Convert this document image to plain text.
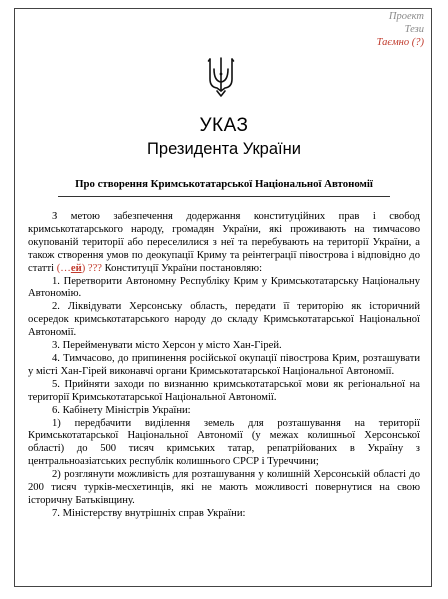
Проект
Тези
Таємно (?)
УКАЗ
Президента України
Про створення Кримськотатарської Національної Автономії

З метою забезпечення додержання конституційних прав і свобод кримськотатарського народу, громадян України, які проживають на тимчасово окупованій території або переселилися з неї та перебувають на території України, а також створення умов по деокупації Криму та реінтеграції півострова і відповідно до статті (…ей) ??? Конституції України постановляю:

1. Перетворити Автономну Республіку Крим у Кримськотатарську Національну Автономію.

2. Ліквідувати Херсонську область, передати її територію як історичний осередок кримськотатарського народу до складу Кримськотатарської Національної Автономії.

3. Перейменувати місто Херсон у місто Хан-Гірей.

4. Тимчасово, до припинення російської окупації півострова Крим, розташувати у місті Хан-Гірей виконавчі органи Кримськотатарської Національної Автономії.

5. Прийняти заходи по визнанню кримськотатарської мови як регіональної на території Кримськотатарської Національної Автономії.

6. Кабінету Міністрів України:

1) передбачити виділення земель для розташування на території Кримськотатарської Національної Автономії (у межах колишньої Херсонської області) до 500 тисяч кримських татар, репатрійованих в Україну з центральноазіатських республік колишнього СРСР і Туреччини;

2) розглянути можливість для розташування у колишній Херсонській області до 200 тисяч турків-месхетинців, які не мають можливості повернутися на свою історичну Батьківщину.

7. Міністерству внутрішніх справ України:
